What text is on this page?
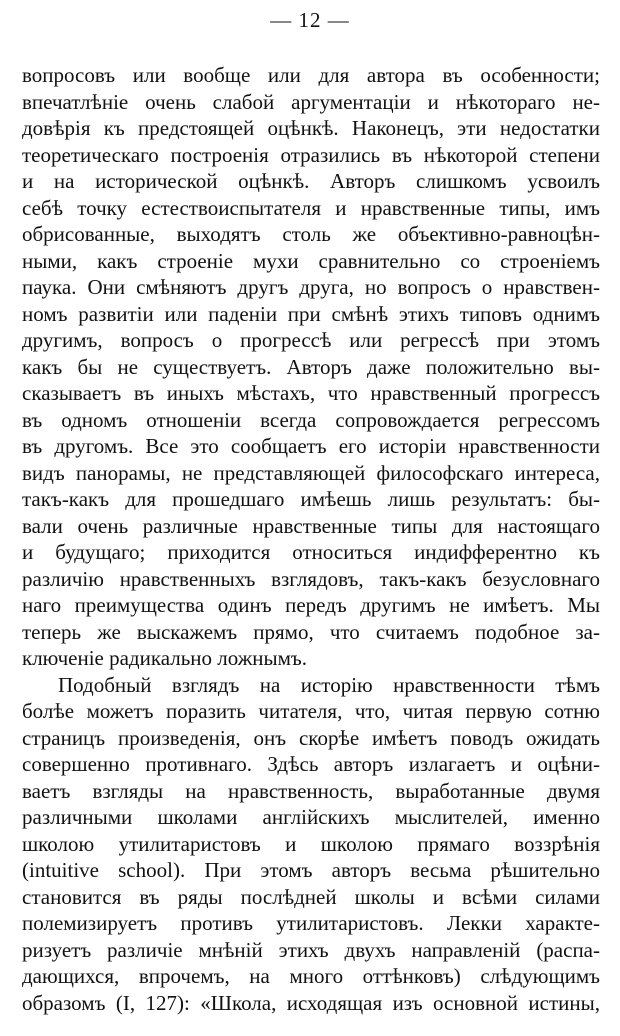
— 12 —
вопросовъ или вообще или для автора въ особенности;
впечатлѣніе очень слабой аргументаціи и нѣкотораго не-
довѣрія къ предстоящей оцѣнкѣ. Наконецъ, эти недостатки
теоретическаго построенія отразились въ нѣкоторой степени
и на исторической оцѣнкѣ. Авторъ слишкомъ усвоилъ
себѣ точку естествоиспытателя и нравственные типы, имъ
обрисованные, выходятъ столь же объективно-равноцѣн-
ными, какъ строеніе мухи сравнительно со строеніемъ
паука. Они смѣняютъ другъ друга, но вопросъ о нравствен-
номъ развитіи или паденіи при смѣнѣ этихъ типовъ однимъ
другимъ, вопросъ о прогрессѣ или регрессѣ при этомъ
какъ бы не существуетъ. Авторъ даже положительно вы-
сказываетъ въ иныхъ мѣстахъ, что нравственный прогрессъ
въ одномъ отношеніи всегда сопровождается регрессомъ
въ другомъ. Все это сообщаетъ его исторіи нравственности
видъ панорамы, не представляющей философскаго интереса,
такъ-какъ для прошедшаго имѣешь лишь результатъ: бы-
вали очень различные нравственные типы для настоящаго
и будущаго; приходится относиться индифферентно къ
различію нравственныхъ взглядовъ, такъ-какъ безусловнаго
наго преимущества одинъ передъ другимъ не имѣетъ. Мы
теперь же выскажемъ прямо, что считаемъ подобное за-
ключеніе радикально ложнымъ.
Подобный взглядъ на исторію нравственности тѣмъ
болѣе можетъ поразить читателя, что, читая первую сотню
страницъ произведенія, онъ скорѣе имѣетъ поводъ ожидать
совершенно противнаго. Здѣсь авторъ излагаетъ и оцѣни-
ваетъ взгляды на нравственность, выработанные двумя
различными школами англійскихъ мыслителей, именно
школою утилитаристовъ и школою прямаго воззрѣнія
(intuitive school). При этомъ авторъ весьма рѣшительно
становится въ ряды послѣдней школы и всѣми силами
полемизируетъ противъ утилитаристовъ. Лекки характе-
ризуетъ различіе мнѣній этихъ двухъ направленій (распа-
дающихся, впрочемъ, на много оттѣнковъ) слѣдующимъ
образомъ (I, 127): «Школа, исходящая изъ основной истины,
